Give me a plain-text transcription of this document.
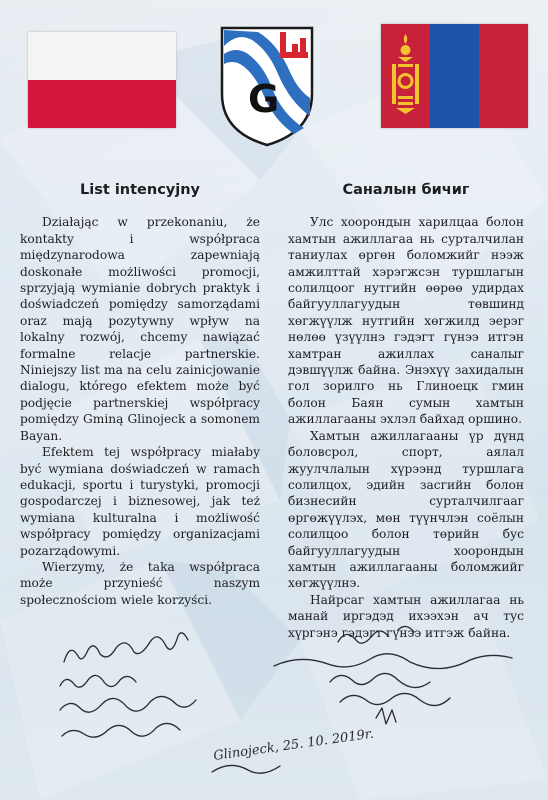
G
List intencyjny

Działając w przekonaniu, że kontakty i współpraca międzynarodowa zapewniają doskonałe możliwości promocji, sprzyjają wymianie dobrych praktyk i doświadczeń pomiędzy samorządami oraz mają pozytywny wpływ na lokalny rozwój, chcemy nawiązać formalne relacje partnerskie. Niniejszy list ma na celu zainicjowanie dialogu, którego efektem może być podjęcie partnerskiej współpracy pomiędzy Gminą Glinojeck a somonem Bayan.

Efektem tej współpracy miałaby być wymiana doświadczeń w ramach edukacji, sportu i turystyki, promocji gospodarczej i biznesowej, jak też wymiana kulturalna i możliwość współpracy pomiędzy organizacjami pozarządowymi.

Wierzymy, że taka współpraca może przynieść naszym społecznościom wiele korzyści.

Саналын бичиг

Улс хоорондын харилцаа болон хамтын ажиллагаа нь сурталчилан таниулах өргөн боломжийг нээж амжилттай хэрэгжсэн туршлагын солилцоог нутгийн өөрөө удирдах байгууллагуудын төвшинд хөгжүүлж нутгийн хөгжилд эерэг нөлөө үзүүлнэ гэдэгт гүнээ итгэн хамтран ажиллах саналыг дэвшүүлж байна. Энэхүү захидалын гол зорилго нь Глиноецк гмин болон Баян сумын хамтын ажиллагааны эхлэл байхад оршино.

Хамтын ажиллагааны үр дүнд боловсрол, спорт, аялал жуулчлалын хүрээнд туршлага солилцох, эдийн засгийн болон бизнесийн сурталчилгааг өргөжүүлэх, мөн түүнчлэн соёлын солилцоо болон төрийн бус байгууллагуудын хоорондын хамтын ажиллагааны боломжийг хөгжүүлнэ.

Найрсаг хамтын ажиллагаа нь манай иргэдэд ихээхэн ач тус хүргэнэ гэдэгт гүнээ итгэж байна.

Glinojeck, 25. 10. 2019r.
